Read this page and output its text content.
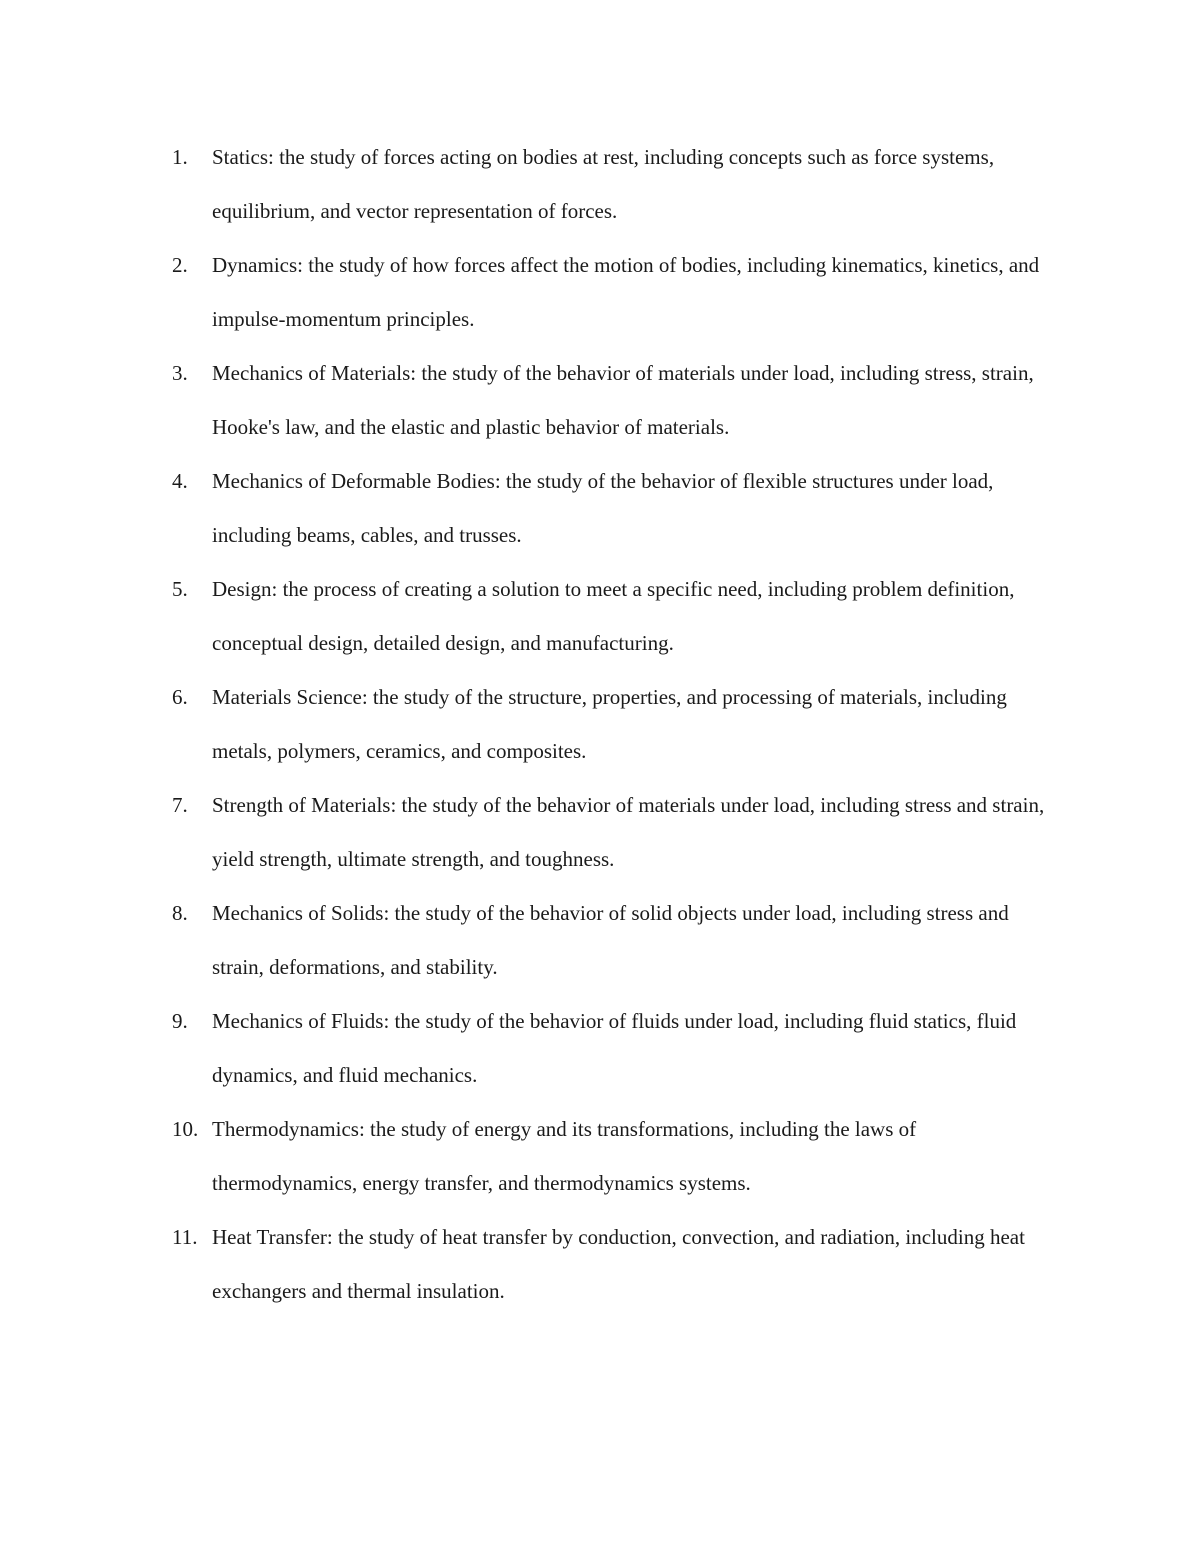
1.	Statics: the study of forces acting on bodies at rest, including concepts such as force systems, equilibrium, and vector representation of forces.
2.	Dynamics: the study of how forces affect the motion of bodies, including kinematics, kinetics, and impulse-momentum principles.
3.	Mechanics of Materials: the study of the behavior of materials under load, including stress, strain, Hooke's law, and the elastic and plastic behavior of materials.
4.	Mechanics of Deformable Bodies: the study of the behavior of flexible structures under load, including beams, cables, and trusses.
5.	Design: the process of creating a solution to meet a specific need, including problem definition, conceptual design, detailed design, and manufacturing.
6.	Materials Science: the study of the structure, properties, and processing of materials, including metals, polymers, ceramics, and composites.
7.	Strength of Materials: the study of the behavior of materials under load, including stress and strain, yield strength, ultimate strength, and toughness.
8.	Mechanics of Solids: the study of the behavior of solid objects under load, including stress and strain, deformations, and stability.
9.	Mechanics of Fluids: the study of the behavior of fluids under load, including fluid statics, fluid dynamics, and fluid mechanics.
10. Thermodynamics: the study of energy and its transformations, including the laws of thermodynamics, energy transfer, and thermodynamics systems.
11. Heat Transfer: the study of heat transfer by conduction, convection, and radiation, including heat exchangers and thermal insulation.
